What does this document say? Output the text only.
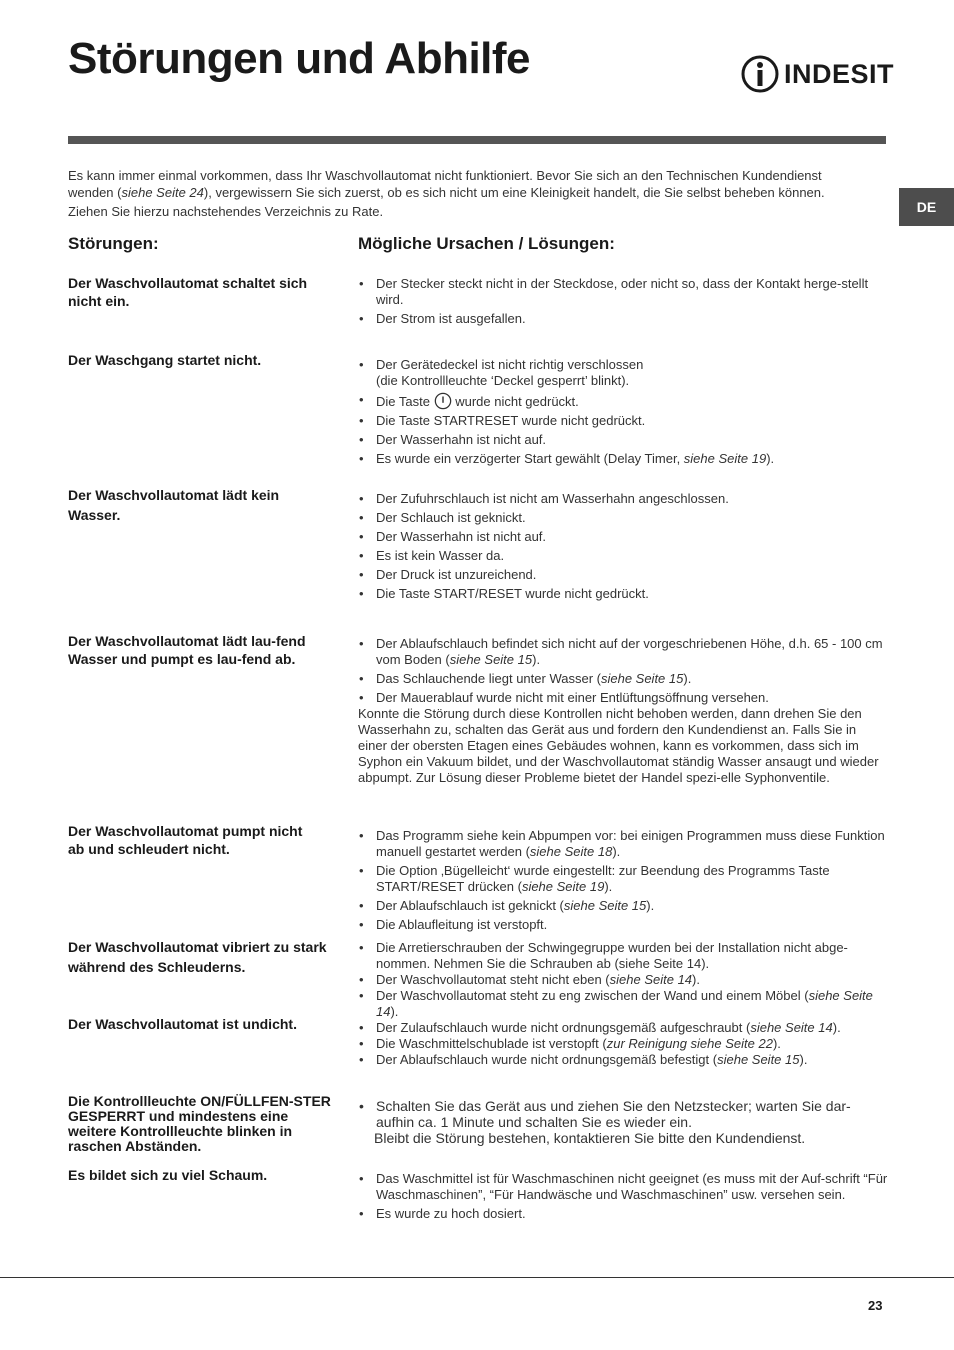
Störungen und Abhilfe	INDESIT

Es kann immer einmal vorkommen, dass Ihr Waschvollautomat nicht funktioniert. Bevor Sie sich an den Technischen Kundendienst

wenden (siehe Seite 24), vergewissern Sie sich zuerst, ob es sich nicht um eine Kleinigkeit handelt, die Sie selbst beheben können.

Ziehen Sie hierzu nachstehendes Verzeichnis zu Rate.	DE
Störungen:	Mögliche Ursachen / Lösungen:
Der Waschvollautomat schaltet sich nicht ein.
• Der Stecker steckt nicht in der Steckdose, oder nicht so, dass der Kontakt herge-stellt wird.
• Der Strom ist ausgefallen.
Der Waschgang startet nicht.	• Der Gerätedeckel ist nicht richtig verschlossen
(die Kontrollleuchte ‘Deckel gesperrt’ blinkt).
• Die Taste wurde nicht gedrückt.
• Die Taste STARTRESET wurde nicht gedrückt.
• Der Wasserhahn ist nicht auf.
• Es wurde ein verzögerter Start gewählt (Delay Timer, siehe Seite 19).
Der Waschvollautomat lädt kein Wasser.
• Der Zufuhrschlauch ist nicht am Wasserhahn angeschlossen.
• Der Schlauch ist geknickt.
• Der Wasserhahn ist nicht auf.
• Es ist kein Wasser da.
• Der Druck ist unzureichend.
• Die Taste START/RESET wurde nicht gedrückt.
Der Waschvollautomat lädt lau-fend Wasser und pumpt es lau-fend ab.
• Der Ablaufschlauch befindet sich nicht auf der vorgeschriebenen Höhe, d.h. 65 - 100 cm vom Boden (siehe Seite 15).
• Das Schlauchende liegt unter Wasser (siehe Seite 15).
• Der Mauerablauf wurde nicht mit einer Entlüftungsöffnung versehen.

Konnte die Störung durch diese Kontrollen nicht behoben werden, dann drehen Sie den Wasserhahn zu, schalten das Gerät aus und fordern den Kundendienst an. Falls Sie in einer der obersten Etagen eines Gebäudes wohnen, kann es vorkommen, dass sich im Syphon ein Vakuum bildet, und der Waschvollautomat ständig Wasser ansaugt und wieder abpumpt. Zur Lösung dieser Probleme bietet der Handel spezi-elle Syphonventile.

Der Waschvollautomat pumpt nicht ab und schleudert nicht.
• Das Programm siehe kein Abpumpen vor: bei einigen Programmen muss diese Funktion manuell gestartet werden (siehe Seite 18).
• Die Option ‚Bügelleicht‘ wurde eingestellt: zur Beendung des Programms Taste START/RESET drücken (siehe Seite 19).
• Der Ablaufschlauch ist geknickt (siehe Seite 15).
• Die Ablaufleitung ist verstopft.
Der Waschvollautomat vibriert zu stark während des Schleuderns.
Der Waschvollautomat ist undicht.
• Die Arretierschrauben der Schwingegruppe wurden bei der Installation nicht abge-nommen. Nehmen Sie die Schrauben ab (siehe Seite 14).
• Der Waschvollautomat steht nicht eben (siehe Seite 14).
• Der Waschvollautomat steht zu eng zwischen der Wand und einem Möbel (siehe Seite 14).
• Der Zulaufschlauch wurde nicht ordnungsgemäß aufgeschraubt (siehe Seite 14).
• Die Waschmittelschublade ist verstopft (zur Reinigung siehe Seite 22).
• Der Ablaufschlauch wurde nicht ordnungsgemäß befestigt (siehe Seite 15).
Die Kontrollleuchte ON/FÜLLFEN-STER GESPERRT und mindestens eine weitere Kontrollleuchte blinken in raschen Abständen.
• Schalten Sie das Gerät aus und ziehen Sie den Netzstecker; warten Sie dar-aufhin ca. 1 Minute und schalten Sie es wieder ein.

Bleibt die Störung bestehen, kontaktieren Sie bitte den Kundendienst.

Es bildet sich zu viel Schaum.	• Das Waschmittel ist für Waschmaschinen nicht geeignet (es muss mit der Auf-schrift “Für Waschmaschinen”, “Für Handwäsche und Waschmaschinen” usw. versehen sein.
• Es wurde zu hoch dosiert.
23
